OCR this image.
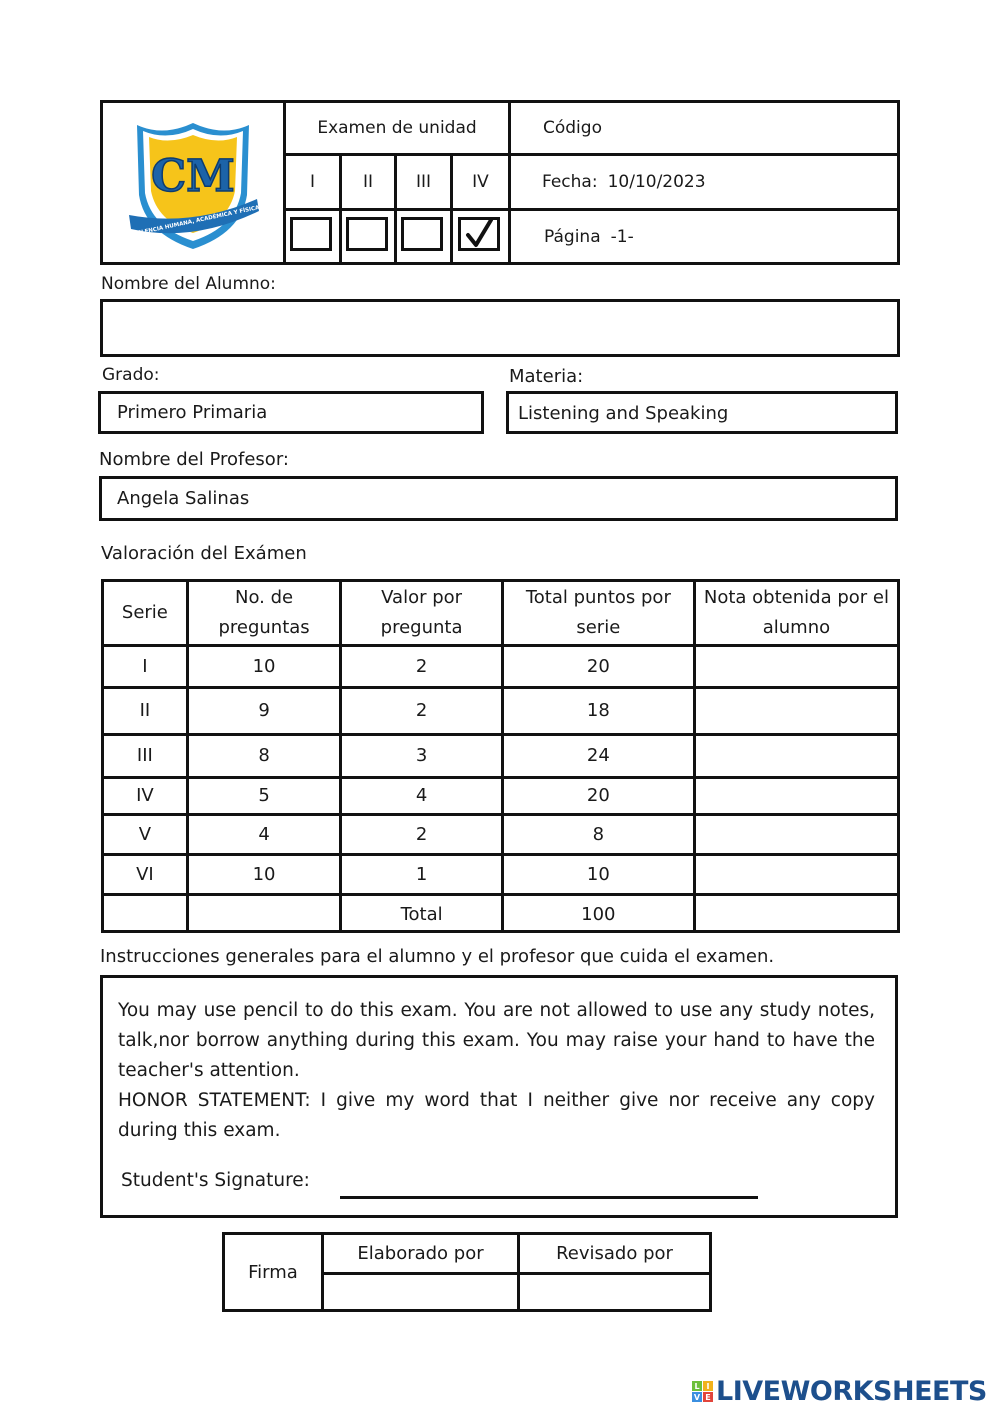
CM
EXCELENCIA HUMANA, ACADÉMICA Y FÍSICA
Examen de unidad
I	II	III	IV
Código
Fecha: 10/10/2023
Página -1-
Nombre del Alumno:
Grado:
Primero Primaria
Materia:
Listening and Speaking
Nombre del Profesor:
Angela Salinas
Valoración del Exámen
Serie	No. de preguntas	Valor por pregunta	Total puntos por serie	Nota obtenida por el alumno
I	10	2	20	
II	9	2	18	
III	8	3	24	
IV	5	4	20	
V	4	2	8	
VI	10	1	10	
		Total	100	
Instrucciones generales para el alumno y el profesor que cuida el examen.

You may use pencil to do this exam. You are not allowed to use any study notes, talk,nor borrow anything during this exam. You may raise your hand to have the teacher's attention.

HONOR STATEMENT: I give my word that I neither give nor receive any copy during this exam.

Student's Signature:
Firma
Elaborado por	Revisado por
L I
V E LIVEWORKSHEETS
